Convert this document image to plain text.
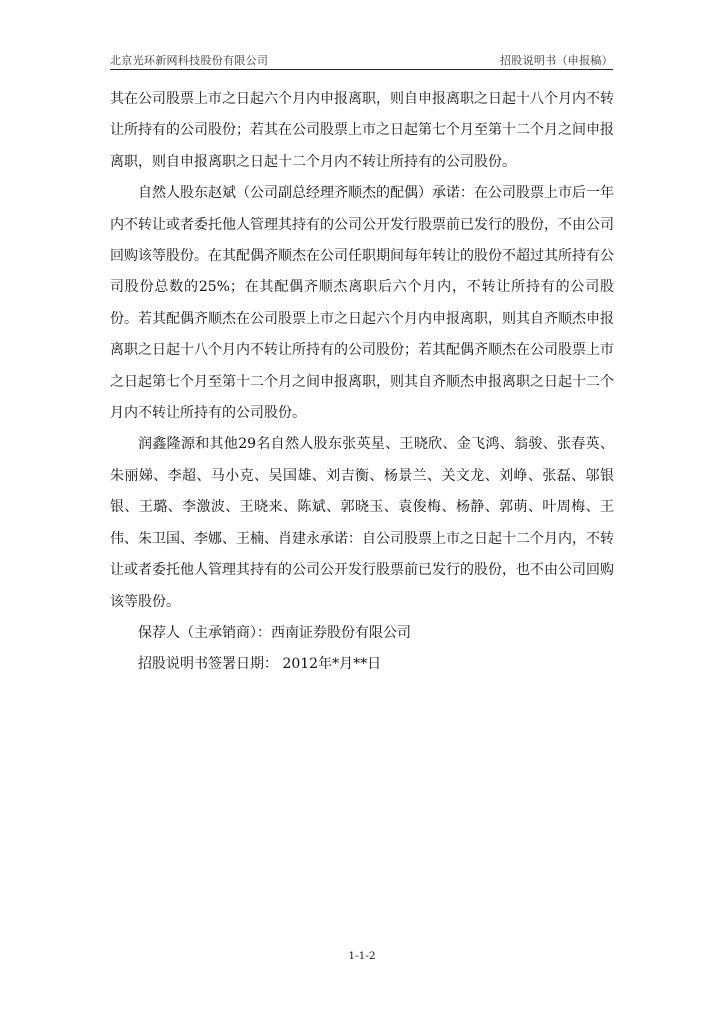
北京光环新网科技股份有限公司	招股说明书（申报稿）

其在公司股票上市之日起六个月内申报离职，则自申报离职之日起十八个月内不转让所持有的公司股份；若其在公司股票上市之日起第七个月至第十二个月之间申报离职，则自申报离职之日起十二个月内不转让所持有的公司股份。

自然人股东赵斌（公司副总经理齐顺杰的配偶）承诺：在公司股票上市后一年内不转让或者委托他人管理其持有的公司公开发行股票前已发行的股份，不由公司回购该等股份。在其配偶齐顺杰在公司任职期间每年转让的股份不超过其所持有公司股份总数的25%；在其配偶齐顺杰离职后六个月内，不转让所持有的公司股份。若其配偶齐顺杰在公司股票上市之日起六个月内申报离职，则其自齐顺杰申报离职之日起十八个月内不转让所持有的公司股份；若其配偶齐顺杰在公司股票上市之日起第七个月至第十二个月之间申报离职，则其自齐顺杰申报离职之日起十二个月内不转让所持有的公司股份。

润鑫隆源和其他29名自然人股东张英星、王晓欣、金飞鸿、翁骏、张春英、朱丽娣、李超、马小克、吴国雄、刘吉衡、杨景兰、关文龙、刘峥、张磊、邬银银、王璐、李激波、王晓来、陈斌、郭晓玉、袁俊梅、杨静、郭萌、叶周梅、王伟、朱卫国、李娜、王楠、肖建永承诺：自公司股票上市之日起十二个月内，不转让或者委托他人管理其持有的公司公开发行股票前已发行的股份，也不由公司回购该等股份。

保荐人（主承销商）：西南证券股份有限公司

招股说明书签署日期： 2012年*月**日

1-1-2
